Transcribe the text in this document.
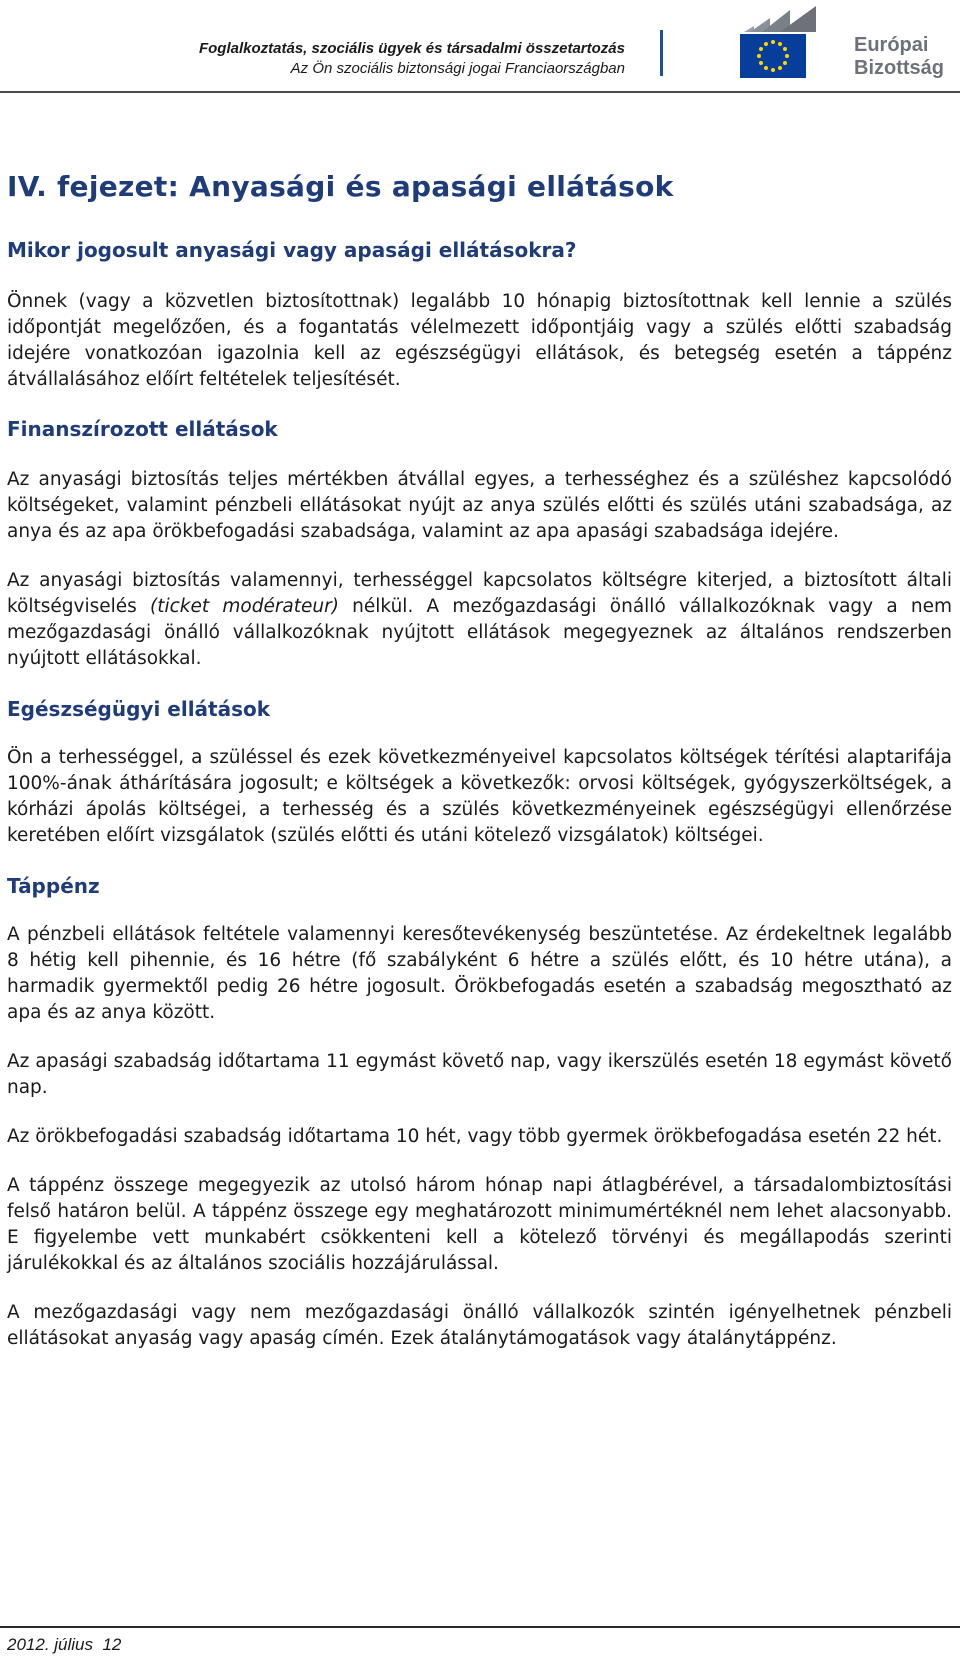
Foglalkoztatás, szociális ügyek és társadalmi összetartozás
Az Ön szociális biztonsági jogai Franciaországban
Európai
Bizottság
IV. fejezet: Anyasági és apasági ellátások
Mikor jogosult anyasági vagy apasági ellátásokra?

Önnek (vagy a közvetlen biztosítottnak) legalább 10 hónapig biztosítottnak kell lennie a szülés időpontját megelőzően, és a fogantatás vélelmezett időpontjáig vagy a szülés előtti szabadság idejére vonatkozóan igazolnia kell az egészségügyi ellátások, és betegség esetén a táppénz átvállalásához előírt feltételek teljesítését.

Finanszírozott ellátások

Az anyasági biztosítás teljes mértékben átvállal egyes, a terhességhez és a szüléshez kapcsolódó költségeket, valamint pénzbeli ellátásokat nyújt az anya szülés előtti és szülés utáni szabadsága, az anya és az apa örökbefogadási szabadsága, valamint az apa apasági szabadsága idejére.

Az anyasági biztosítás valamennyi, terhességgel kapcsolatos költségre kiterjed, a biztosított általi költségviselés (ticket modérateur) nélkül. A mezőgazdasági önálló vállalkozóknak vagy a nem mezőgazdasági önálló vállalkozóknak nyújtott ellátások megegyeznek az általános rendszerben nyújtott ellátásokkal.

Egészségügyi ellátások

Ön a terhességgel, a szüléssel és ezek következményeivel kapcsolatos költségek térítési alaptarifája 100%-ának áthárítására jogosult; e költségek a következők: orvosi költségek, gyógyszerköltségek, a kórházi ápolás költségei, a terhesség és a szülés következményeinek egészségügyi ellenőrzése keretében előírt vizsgálatok (szülés előtti és utáni kötelező vizsgálatok) költségei.

Táppénz

A pénzbeli ellátások feltétele valamennyi keresőtevékenység beszüntetése. Az érdekeltnek legalább 8 hétig kell pihennie, és 16 hétre (fő szabályként 6 hétre a szülés előtt, és 10 hétre utána), a harmadik gyermektől pedig 26 hétre jogosult. Örökbefogadás esetén a szabadság megosztható az apa és az anya között.

Az apasági szabadság időtartama 11 egymást követő nap, vagy ikerszülés esetén 18 egymást követő nap.

Az örökbefogadási szabadság időtartama 10 hét, vagy több gyermek örökbefogadása esetén 22 hét.

A táppénz összege megegyezik az utolsó három hónap napi átlagbérével, a társadalombiztosítási felső határon belül. A táppénz összege egy meghatározott minimumértéknél nem lehet alacsonyabb. E figyelembe vett munkabért csökkenteni kell a kötelező törvényi és megállapodás szerinti járulékokkal és az általános szociális hozzájárulással.

A mezőgazdasági vagy nem mezőgazdasági önálló vállalkozók szintén igényelhetnek pénzbeli ellátásokat anyaság vagy apaság címén. Ezek átalánytámogatások vagy átalánytáppénz.

2012. július  12
